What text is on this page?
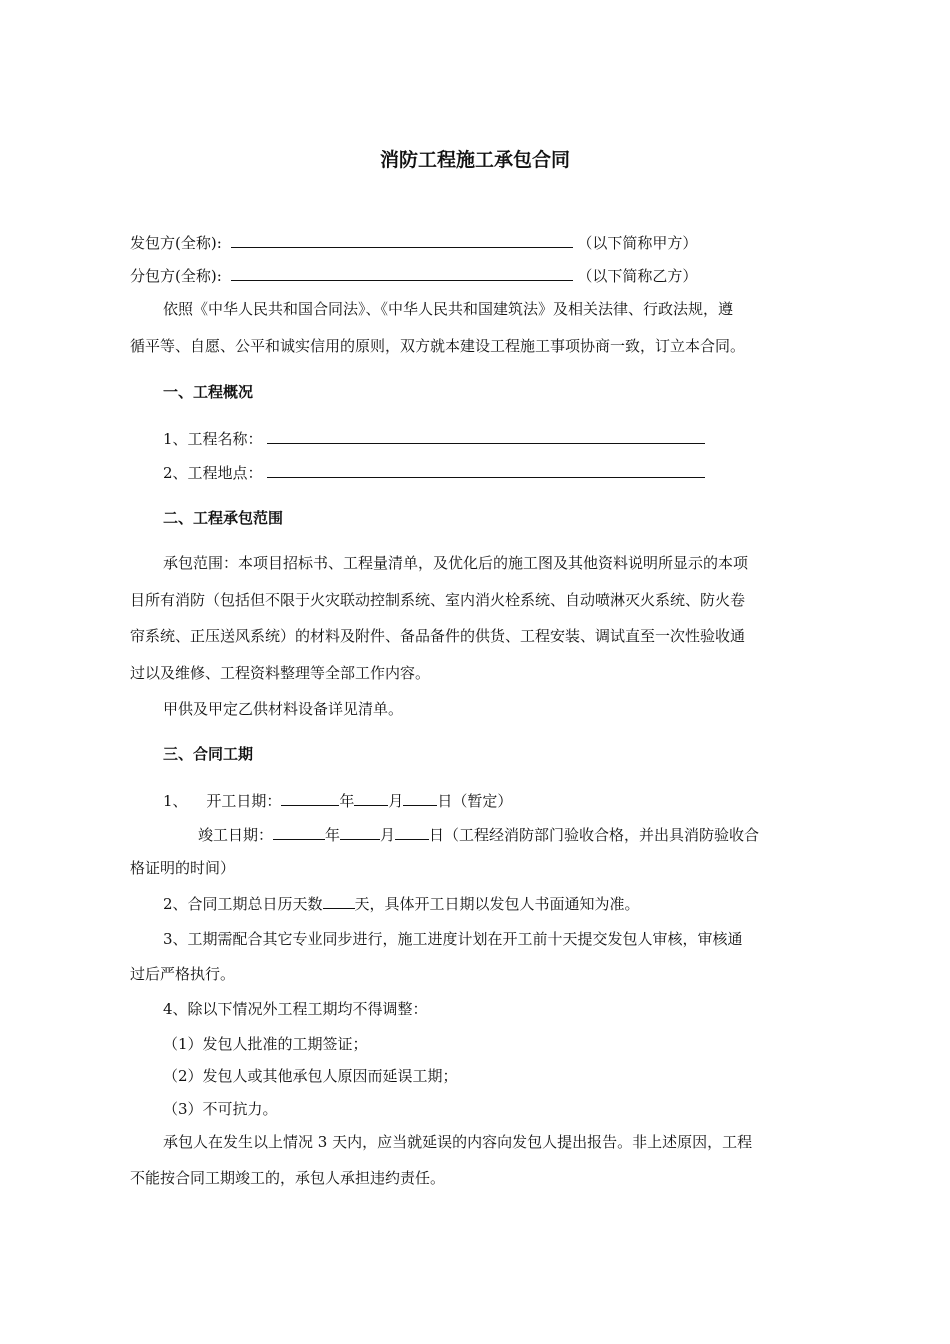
消防工程施工承包合同
发包方(全称):	（以下简称甲方）
分包方(全称):	（以下简称乙方）
依照《中华人民共和国合同法》、《中华人民共和国建筑法》及相关法律、行政法规，遵
循平等、自愿、公平和诚实信用的原则，双方就本建设工程施工事项协商一致，订立本合同。
一、工程概况
1、工程名称：
2、工程地点：
二、工程承包范围
承包范围：本项目招标书、工程量清单，及优化后的施工图及其他资料说明所显示的本项
目所有消防（包括但不限于火灾联动控制系统、室内消火栓系统、自动喷淋灭火系统、防火卷
帘系统、正压送风系统）的材料及附件、备品备件的供货、工程安装、调试直至一次性验收通
过以及维修、工程资料整理等全部工作内容。
甲供及甲定乙供材料设备详见清单。
三、合同工期
1、 开工日期：	年 月 日（暂定）
竣工日期：	年	月 日（工程经消防部门验收合格，并出具消防验收合
格证明的时间）
2、合同工期总日历天数 天，具体开工日期以发包人书面通知为准。
3、工期需配合其它专业同步进行，施工进度计划在开工前十天提交发包人审核，审核通
过后严格执行。
4、除以下情况外工程工期均不得调整：
（1）发包人批准的工期签证；
（2）发包人或其他承包人原因而延误工期；
（3）不可抗力。
承包人在发生以上情况 3 天内，应当就延误的内容向发包人提出报告。非上述原因，工程
不能按合同工期竣工的，承包人承担违约责任。
